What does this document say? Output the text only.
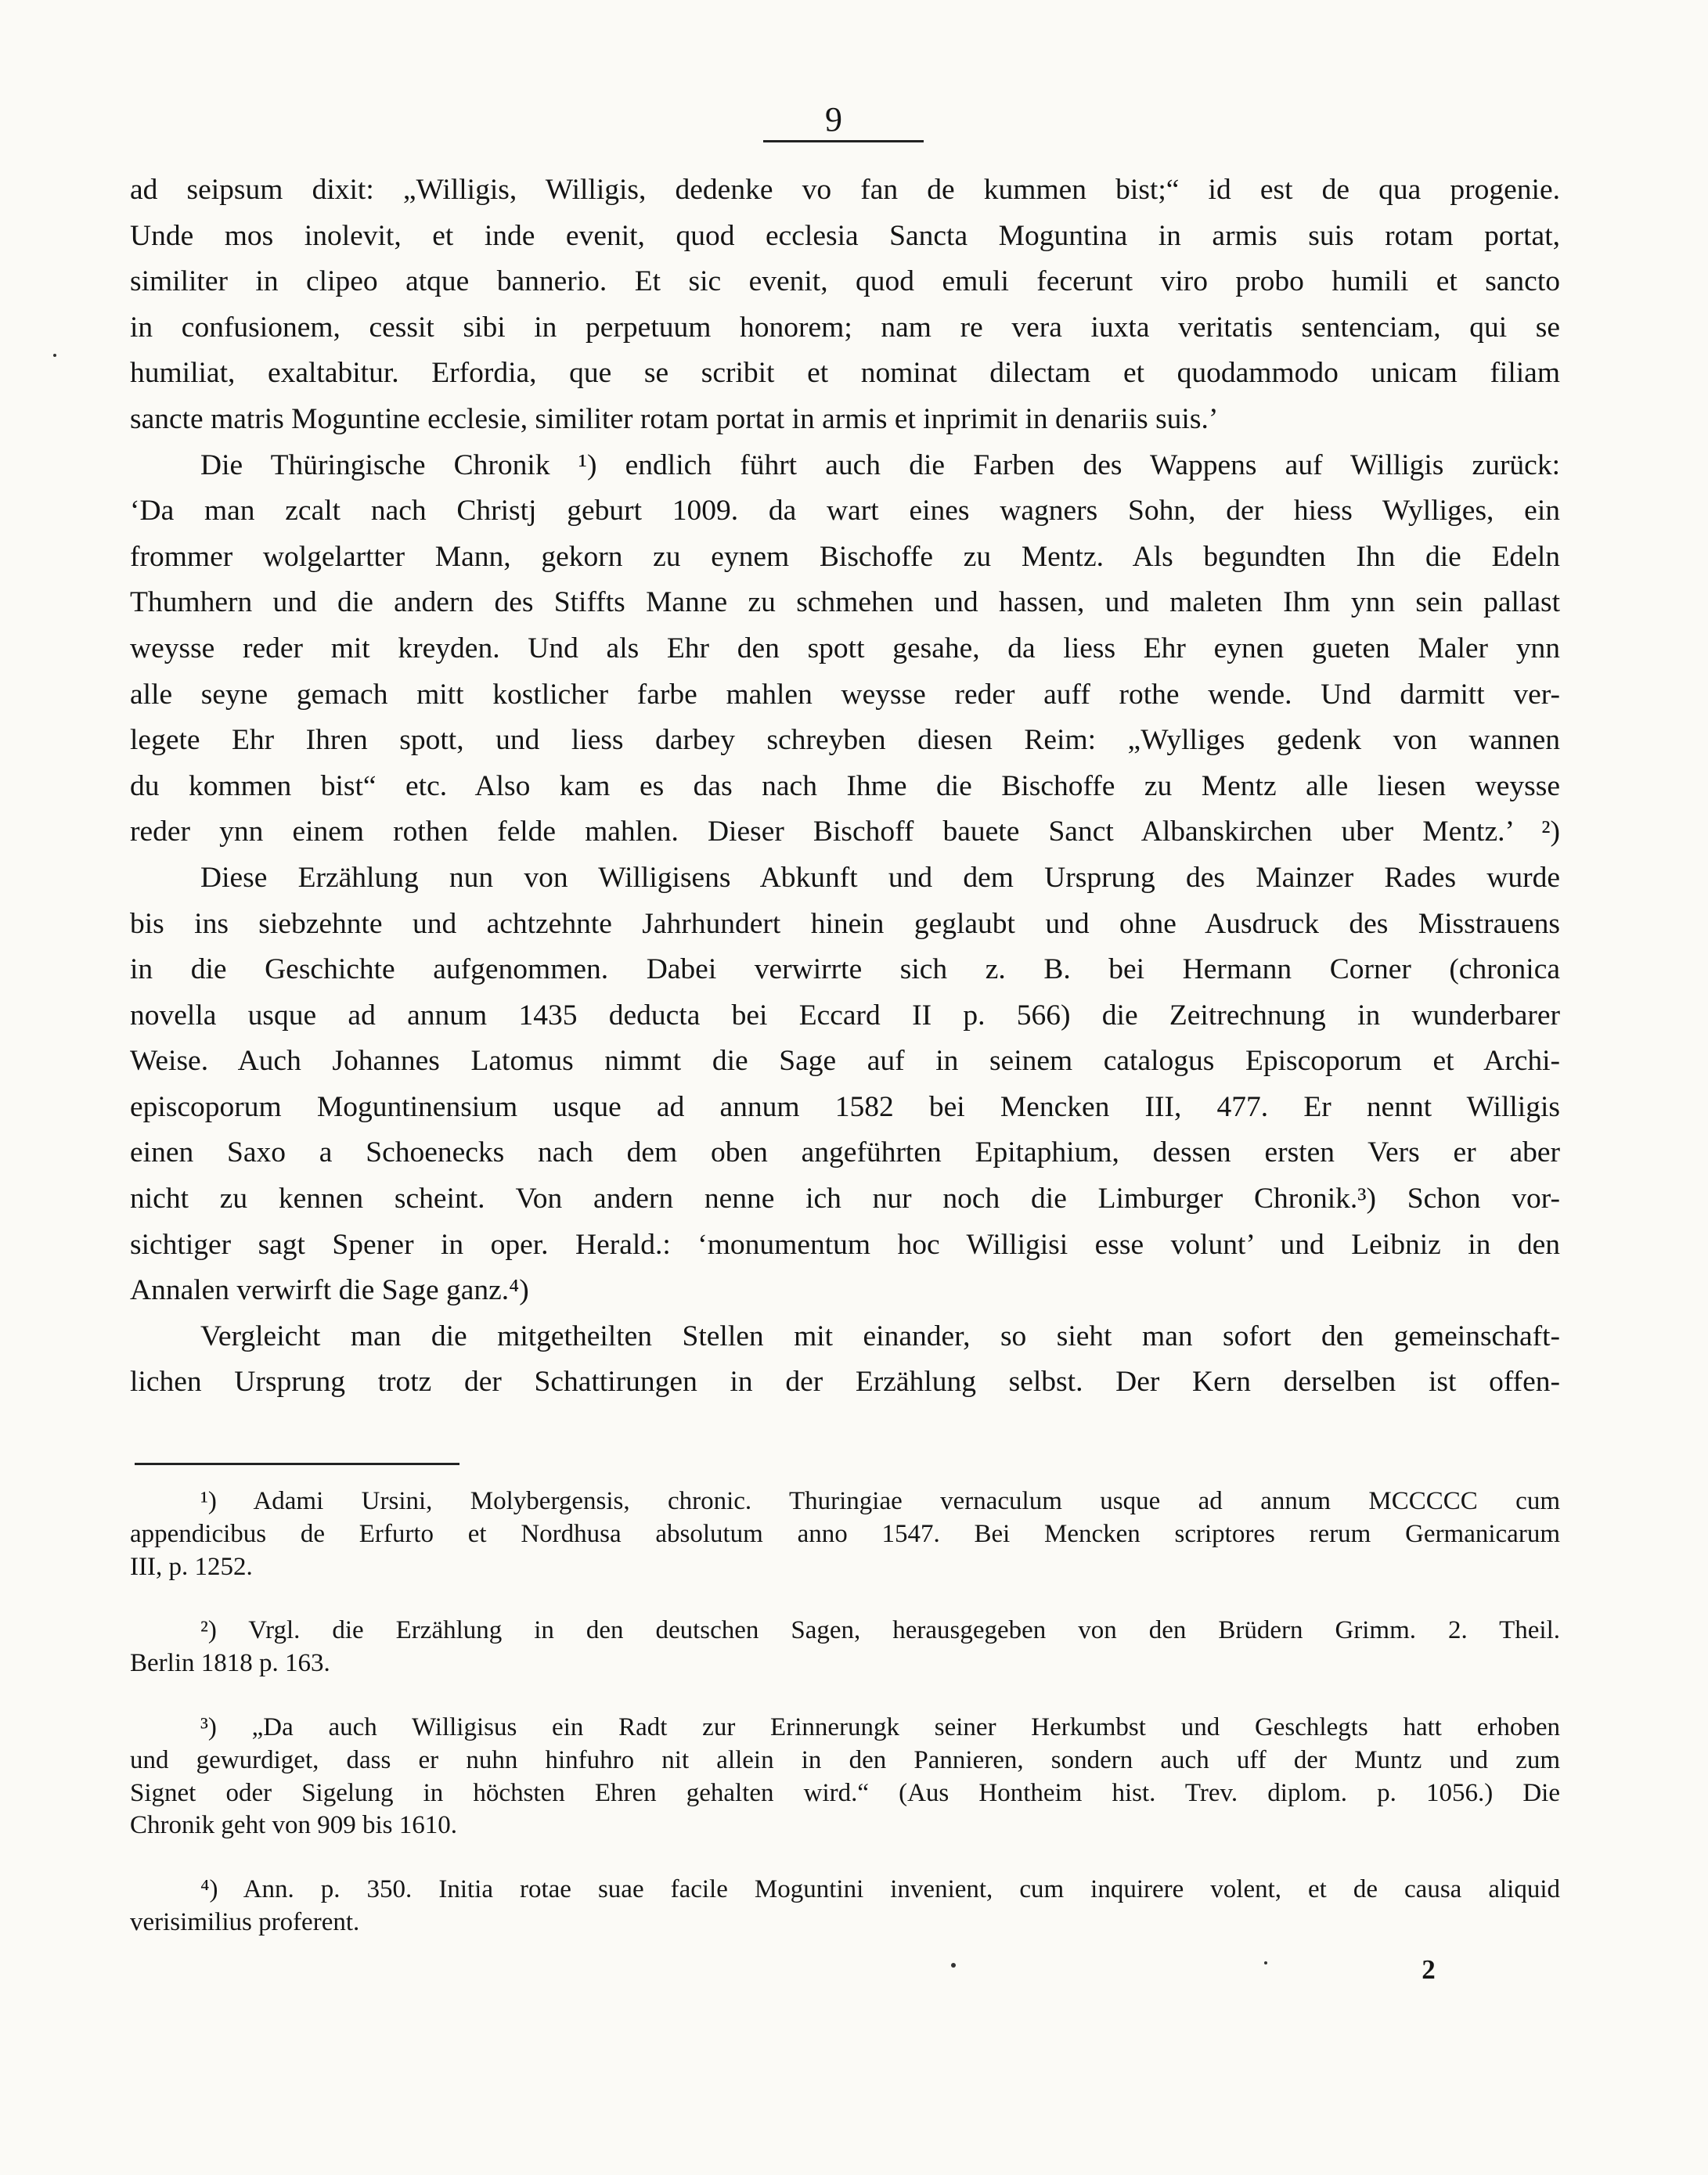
9
ad seipsum dixit: „Willigis, Willigis, dedenke vo fan de kummen bist;“ id est de qua progenie.
Unde mos inolevit, et inde evenit, quod ecclesia Sancta Moguntina in armis suis rotam portat,
similiter in clipeo atque bannerio. Et sic evenit, quod emuli fecerunt viro probo humili et sancto
in confusionem, cessit sibi in perpetuum honorem; nam re vera iuxta veritatis sentenciam, qui se
humiliat, exaltabitur. Erfordia, que se scribit et nominat dilectam et quodammodo unicam filiam
sancte matris Moguntine ecclesie, similiter rotam portat in armis et inprimit in denariis suis.’
Die Thüringische Chronik ¹) endlich führt auch die Farben des Wappens auf Willigis zurück:
‘Da man zcalt nach Christj geburt 1009. da wart eines wagners Sohn, der hiess Wylliges, ein
frommer wolgelartter Mann, gekorn zu eynem Bischoffe zu Mentz. Als begundten Ihn die Edeln
Thumhern und die andern des Stiffts Manne zu schmehen und hassen, und maleten Ihm ynn sein pallast
weysse reder mit kreyden. Und als Ehr den spott gesahe, da liess Ehr eynen gueten Maler ynn
alle seyne gemach mitt kostlicher farbe mahlen weysse reder auff rothe wende. Und darmitt ver-
legete Ehr Ihren spott, und liess darbey schreyben diesen Reim: „Wylliges gedenk von wannen
du kommen bist“ etc. Also kam es das nach Ihme die Bischoffe zu Mentz alle liesen weysse
reder ynn einem rothen felde mahlen. Dieser Bischoff bauete Sanct Albanskirchen uber Mentz.’ ²)
Diese Erzählung nun von Willigisens Abkunft und dem Ursprung des Mainzer Rades wurde
bis ins siebzehnte und achtzehnte Jahrhundert hinein geglaubt und ohne Ausdruck des Misstrauens
in die Geschichte aufgenommen. Dabei verwirrte sich z. B. bei Hermann Corner (chronica
novella usque ad annum 1435 deducta bei Eccard II p. 566) die Zeitrechnung in wunderbarer
Weise. Auch Johannes Latomus nimmt die Sage auf in seinem catalogus Episcoporum et Archi-
episcoporum Moguntinensium usque ad annum 1582 bei Mencken III, 477. Er nennt Willigis
einen Saxo a Schoenecks nach dem oben angeführten Epitaphium, dessen ersten Vers er aber
nicht zu kennen scheint. Von andern nenne ich nur noch die Limburger Chronik.³) Schon vor-
sichtiger sagt Spener in oper. Herald.: ‘monumentum hoc Willigisi esse volunt’ und Leibniz in den
Annalen verwirft die Sage ganz.⁴)
Vergleicht man die mitgetheilten Stellen mit einander, so sieht man sofort den gemeinschaft-
lichen Ursprung trotz der Schattirungen in der Erzählung selbst. Der Kern derselben ist offen-
¹) Adami Ursini, Molybergensis, chronic. Thuringiae vernaculum usque ad annum MCCCCC cum
appendicibus de Erfurto et Nordhusa absolutum anno 1547. Bei Mencken scriptores rerum Germanicarum
III, p. 1252.
²) Vrgl. die Erzählung in den deutschen Sagen, herausgegeben von den Brüdern Grimm. 2. Theil.
Berlin 1818 p. 163.
³) „Da auch Willigisus ein Radt zur Erinnerungk seiner Herkumbst und Geschlegts hatt erhoben
und gewurdiget, dass er nuhn hinfuhro nit allein in den Pannieren, sondern auch uff der Muntz und zum
Signet oder Sigelung in höchsten Ehren gehalten wird.“ (Aus Hontheim hist. Trev. diplom. p. 1056.) Die
Chronik geht von 909 bis 1610.
⁴) Ann. p. 350. Initia rotae suae facile Moguntini invenient, cum inquirere volent, et de causa aliquid
verisimilius proferent.
2
